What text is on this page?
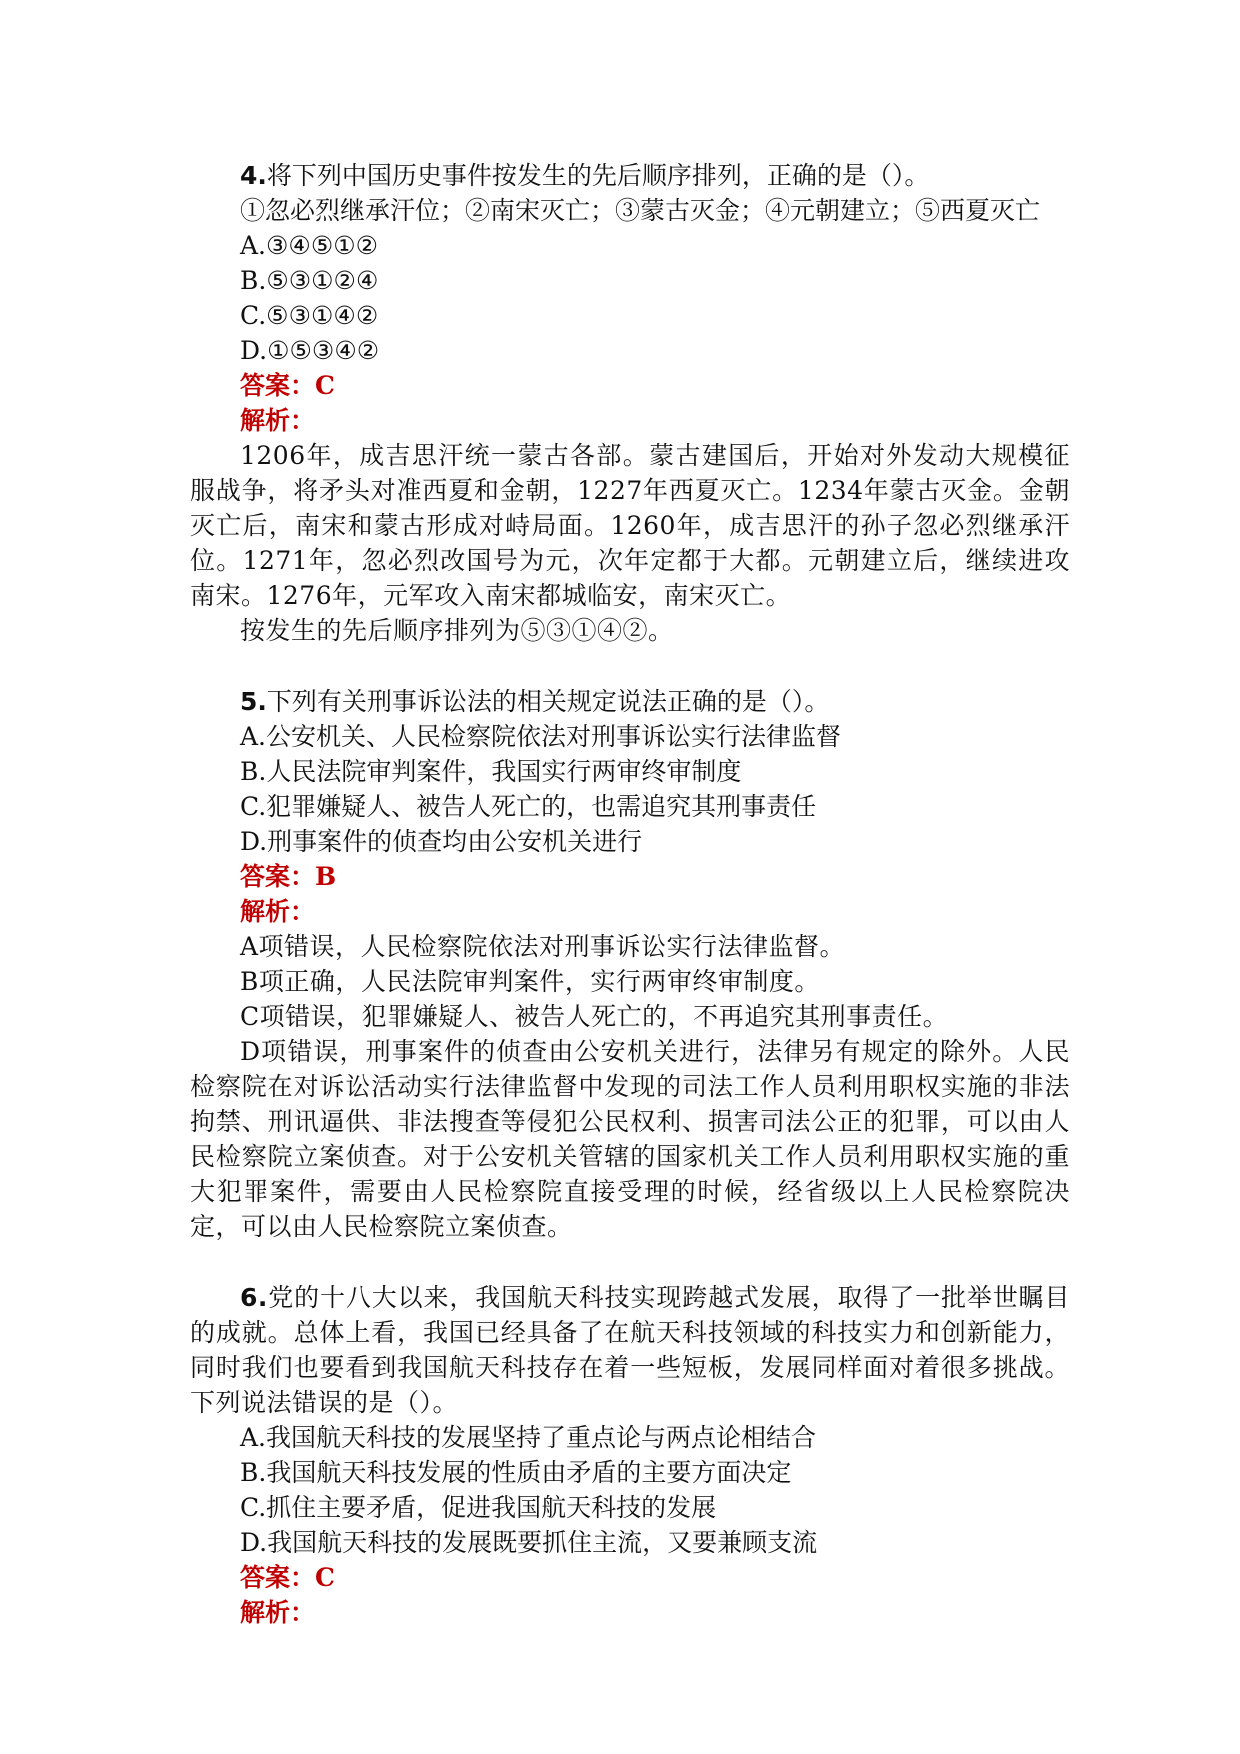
4.将下列中国历史事件按发生的先后顺序排列，正确的是（）。
①忽必烈继承汗位；②南宋灭亡；③蒙古灭金；④元朝建立；⑤西夏灭亡
A.③④⑤①②
B.⑤③①②④
C.⑤③①④②
D.①⑤③④②
答案：C
解析：
1206年，成吉思汗统一蒙古各部。蒙古建国后，开始对外发动大规模征服战争，将矛头对准西夏和金朝，1227年西夏灭亡。1234年蒙古灭金。金朝灭亡后，南宋和蒙古形成对峙局面。1260年，成吉思汗的孙子忽必烈继承汗位。1271年，忽必烈改国号为元，次年定都于大都。元朝建立后，继续进攻南宋。1276年，元军攻入南宋都城临安，南宋灭亡。
按发生的先后顺序排列为⑤③①④②。
5.下列有关刑事诉讼法的相关规定说法正确的是（）。
A.公安机关、人民检察院依法对刑事诉讼实行法律监督
B.人民法院审判案件，我国实行两审终审制度
C.犯罪嫌疑人、被告人死亡的，也需追究其刑事责任
D.刑事案件的侦查均由公安机关进行
答案：B
解析：
A项错误，人民检察院依法对刑事诉讼实行法律监督。
B项正确，人民法院审判案件，实行两审终审制度。
C项错误，犯罪嫌疑人、被告人死亡的，不再追究其刑事责任。
D项错误，刑事案件的侦查由公安机关进行，法律另有规定的除外。人民检察院在对诉讼活动实行法律监督中发现的司法工作人员利用职权实施的非法拘禁、刑讯逼供、非法搜查等侵犯公民权利、损害司法公正的犯罪，可以由人民检察院立案侦查。对于公安机关管辖的国家机关工作人员利用职权实施的重大犯罪案件，需要由人民检察院直接受理的时候，经省级以上人民检察院决定，可以由人民检察院立案侦查。
6.党的十八大以来，我国航天科技实现跨越式发展，取得了一批举世瞩目的成就。总体上看，我国已经具备了在航天科技领域的科技实力和创新能力，同时我们也要看到我国航天科技存在着一些短板，发展同样面对着很多挑战。下列说法错误的是（）。
A.我国航天科技的发展坚持了重点论与两点论相结合
B.我国航天科技发展的性质由矛盾的主要方面决定
C.抓住主要矛盾，促进我国航天科技的发展
D.我国航天科技的发展既要抓住主流，又要兼顾支流
答案：C
解析：
